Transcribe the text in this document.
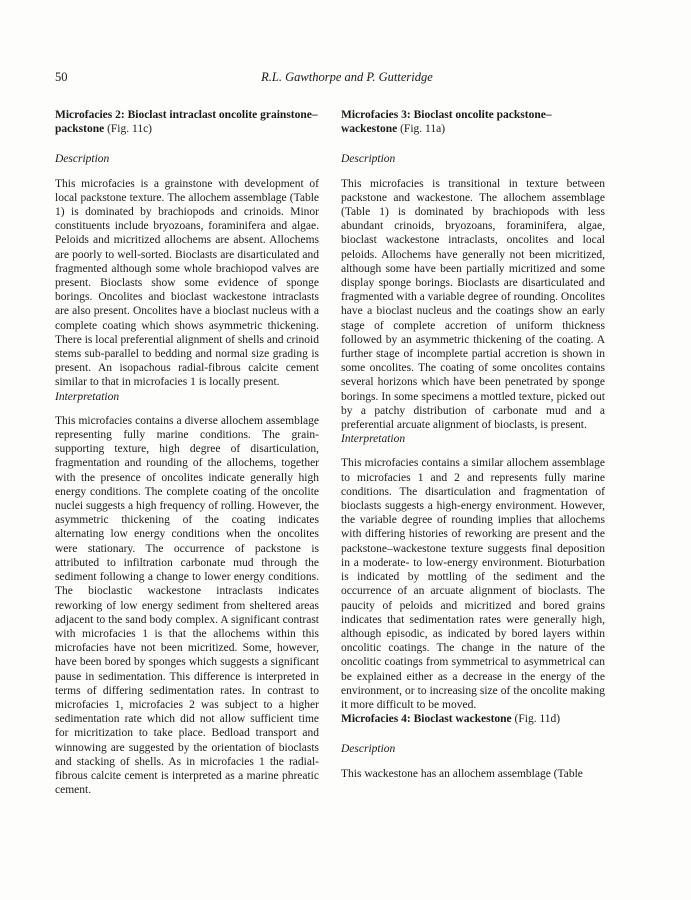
50	R.L. Gawthorpe and P. Gutteridge
Microfacies 2: Bioclast intraclast oncolite grainstone–packstone (Fig. 11c)
Description

This microfacies is a grainstone with development of local packstone texture. The allochem assemblage (Table 1) is dominated by brachiopods and crinoids. Minor constituents include bryozoans, foraminifera and algae. Peloids and micritized allochems are absent. Allochems are poorly to well-sorted. Bioclasts are disarticulated and fragmented although some whole brachiopod valves are present. Bioclasts show some evidence of sponge borings. Oncolites and bioclast wackestone intraclasts are also present. Oncolites have a bioclast nucleus with a complete coating which shows asymmetric thickening. There is local preferential alignment of shells and crinoid stems sub-parallel to bedding and normal size grading is present. An isopachous radial-fibrous calcite cement similar to that in microfacies 1 is locally present.

Interpretation

This microfacies contains a diverse allochem assemblage representing fully marine conditions. The grain-supporting texture, high degree of disarticulation, fragmentation and rounding of the allochems, together with the presence of oncolites indicate generally high energy conditions. The complete coating of the oncolite nuclei suggests a high frequency of rolling. However, the asymmetric thickening of the coating indicates alternating low energy conditions when the oncolites were stationary. The occurrence of packstone is attributed to infiltration carbonate mud through the sediment following a change to lower energy conditions. The bioclastic wackestone intraclasts indicates reworking of low energy sediment from sheltered areas adjacent to the sand body complex. A significant contrast with microfacies 1 is that the allochems within this microfacies have not been micritized. Some, however, have been bored by sponges which suggests a significant pause in sedimentation. This difference is interpreted in terms of differing sedimentation rates. In contrast to microfacies 1, microfacies 2 was subject to a higher sedimentation rate which did not allow sufficient time for micritization to take place. Bedload transport and winnowing are suggested by the orientation of bioclasts and stacking of shells. As in microfacies 1 the radial-fibrous calcite cement is interpreted as a marine phreatic cement.

Microfacies 3: Bioclast oncolite packstone–wackestone (Fig. 11a)
Description

This microfacies is transitional in texture between packstone and wackestone. The allochem assemblage (Table 1) is dominated by brachiopods with less abundant crinoids, bryozoans, foraminifera, algae, bioclast wackestone intraclasts, oncolites and local peloids. Allochems have generally not been micritized, although some have been partially micritized and some display sponge borings. Bioclasts are disarticulated and fragmented with a variable degree of rounding. Oncolites have a bioclast nucleus and the coatings show an early stage of complete accretion of uniform thickness followed by an asymmetric thickening of the coating. A further stage of incomplete partial accretion is shown in some oncolites. The coating of some oncolites contains several horizons which have been penetrated by sponge borings. In some specimens a mottled texture, picked out by a patchy distribution of carbonate mud and a preferential arcuate alignment of bioclasts, is present.

Interpretation

This microfacies contains a similar allochem assemblage to microfacies 1 and 2 and represents fully marine conditions. The disarticulation and fragmentation of bioclasts suggests a high-energy environment. However, the variable degree of rounding implies that allochems with differing histories of reworking are present and the packstone–wackestone texture suggests final deposition in a moderate- to low-energy environment. Bioturbation is indicated by mottling of the sediment and the occurrence of an arcuate alignment of bioclasts. The paucity of peloids and micritized and bored grains indicates that sedimentation rates were generally high, although episodic, as indicated by bored layers within oncolitic coatings. The change in the nature of the oncolitic coatings from symmetrical to asymmetrical can be explained either as a decrease in the energy of the environment, or to increasing size of the oncolite making it more difficult to be moved.

Microfacies 4: Bioclast wackestone (Fig. 11d)
Description

This wackestone has an allochem assemblage (Table
